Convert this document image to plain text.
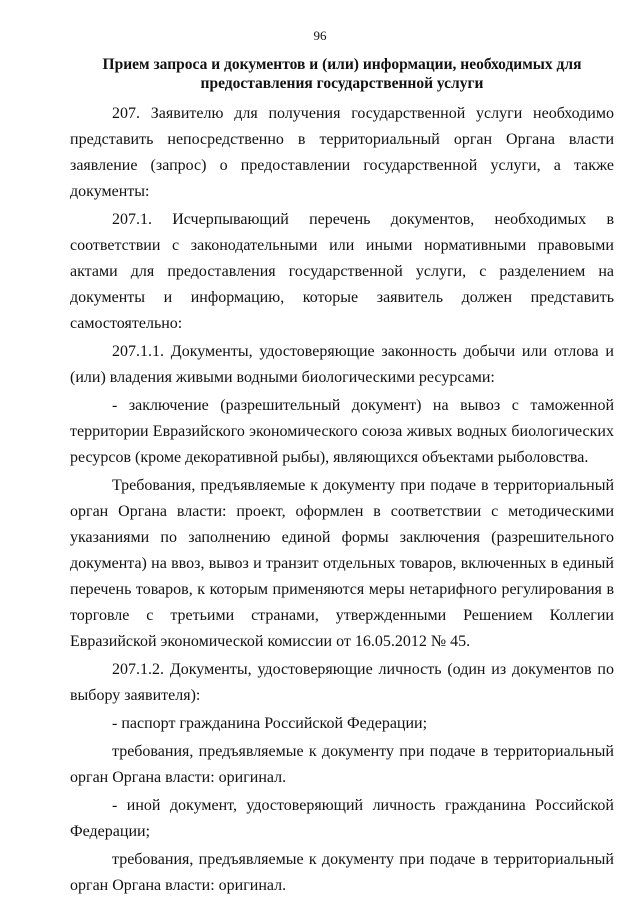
96
Прием запроса и документов и (или) информации, необходимых для
предоставления государственной услуги

207. Заявителю для получения государственной услуги необходимо представить непосредственно в территориальный орган Органа власти заявление (запрос) о предоставлении государственной услуги, а также документы:

207.1. Исчерпывающий перечень документов, необходимых в соответствии с законодательными или иными нормативными правовыми актами для предоставления государственной услуги, с разделением на документы и информацию, которые заявитель должен представить самостоятельно:

207.1.1. Документы, удостоверяющие законность добычи или отлова и (или) владения живыми водными биологическими ресурсами:

- заключение (разрешительный документ) на вывоз с таможенной территории Евразийского экономического союза живых водных биологических ресурсов (кроме декоративной рыбы), являющихся объектами рыболовства.

Требования, предъявляемые к документу при подаче в территориальный орган Органа власти: проект, оформлен в соответствии с методическими указаниями по заполнению единой формы заключения (разрешительного документа) на ввоз, вывоз и транзит отдельных товаров, включенных в единый перечень товаров, к которым применяются меры нетарифного регулирования в торговле с третьими странами, утвержденными Решением Коллегии Евразийской экономической комиссии от 16.05.2012 № 45.

207.1.2. Документы, удостоверяющие личность (один из документов по выбору заявителя):

- паспорт гражданина Российской Федерации;

требования, предъявляемые к документу при подаче в территориальный орган Органа власти: оригинал.

- иной документ, удостоверяющий личность гражданина Российской Федерации;

требования, предъявляемые к документу при подаче в территориальный орган Органа власти: оригинал.
